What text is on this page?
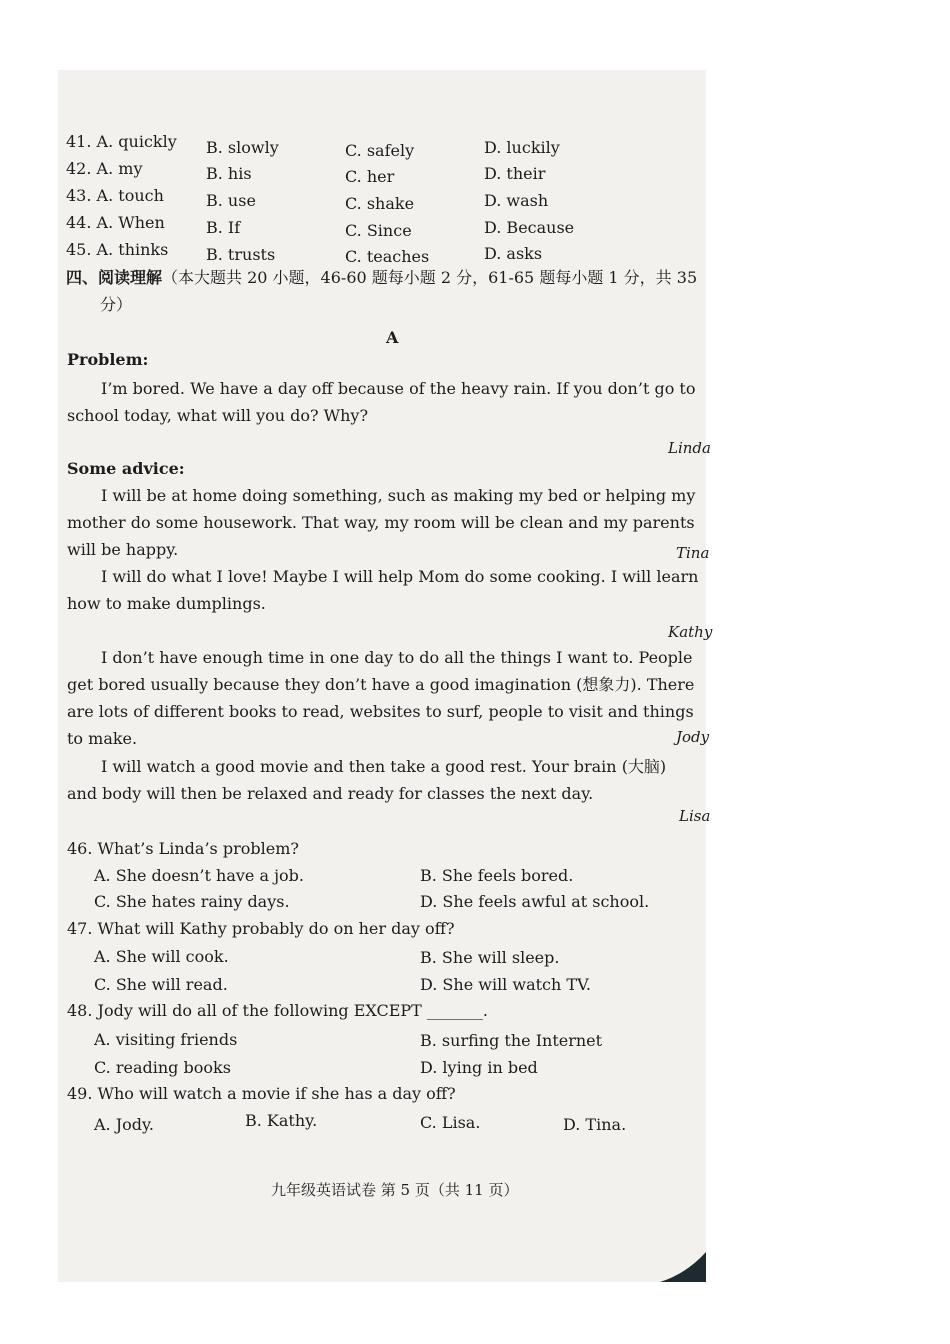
41. A. quickly B. slowly	C. safely	D. luckily
42. A. my	B. his	C. her	D. their
43. A. touch	B. use	C. shake	D. wash
44. A. When	B. If	C. Since	D. Because
45. A. thinks B. trusts	C. teaches	D. asks
四、阅读理解（本大题共 20 小题，46-60 题每小题 2 分，61-65 题每小题 1 分，共 35
分）
A
Problem:
I’m bored. We have a day off because of the heavy rain. If you don’t go to school today, what will you do? Why?
Linda
Some advice:
I will be at home doing something, such as making my bed or helping my mother do some housework. That way, my room will be clean and my parents will be happy.	Tina
I will do what I love! Maybe I will help Mom do some cooking. I will learn how to make dumplings.
Kathy
I don’t have enough time in one day to do all the things I want to. People get bored usually because they don’t have a good imagination (想象力). There are lots of different books to read, websites to surf, people to visit and things to make.	Jody
I will watch a good movie and then take a good rest. Your brain (大脑) and body will then be relaxed and ready for classes the next day.
Lisa
46. What’s Linda’s problem?
A. She doesn’t have a job.	B. She feels bored.
C. She hates rainy days.	D. She feels awful at school.
47. What will Kathy probably do on her day off?
A. She will cook.	B. She will sleep.
C. She will read.	D. She will watch TV.
48. Jody will do all of the following EXCEPT _______.
A. visiting friends	B. surfing the Internet
C. reading books	D. lying in bed
49. Who will watch a movie if she has a day off?
A. Jody.	B. Kathy.	C. Lisa.	D. Tina.
九年级英语试卷 第 5 页（共 11 页）
